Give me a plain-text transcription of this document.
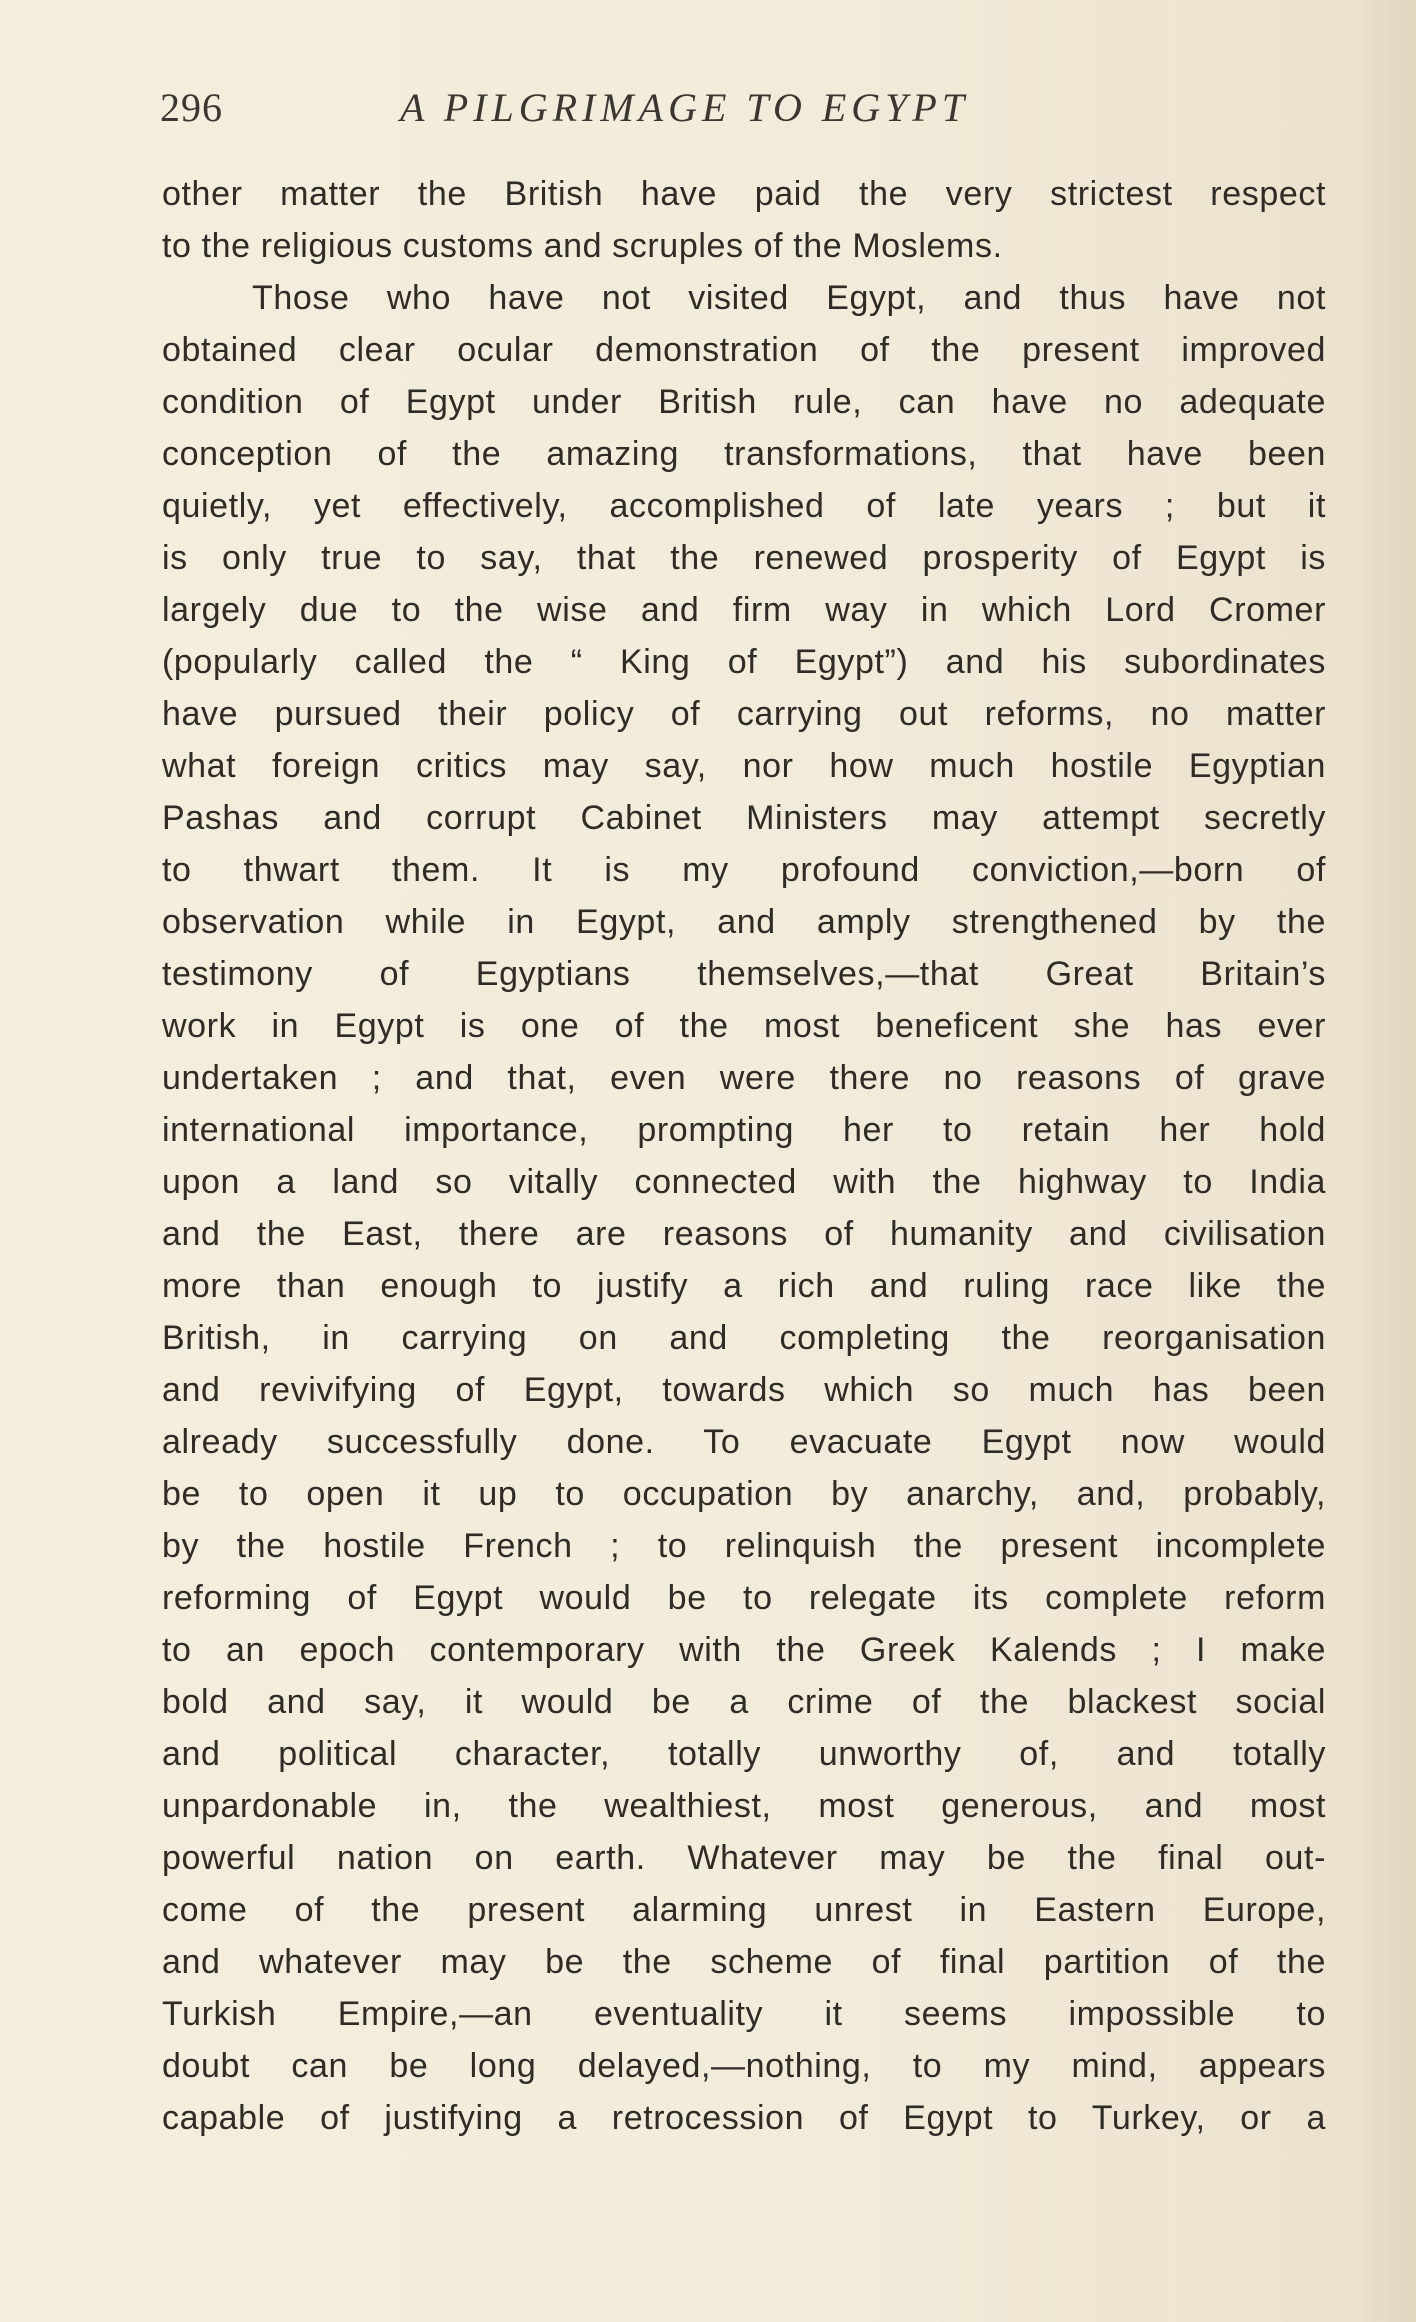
296	A PILGRIMAGE TO EGYPT
other matter the British have paid the very strictest respect
to the religious customs and scruples of the Moslems.
Those who have not visited Egypt, and thus have not
obtained clear ocular demonstration of the present improved
condition of Egypt under British rule, can have no adequate
conception of the amazing transformations, that have been
quietly, yet effectively, accomplished of late years ; but it
is only true to say, that the renewed prosperity of Egypt is
largely due to the wise and firm way in which Lord Cromer
(popularly called the “ King of Egypt”) and his subordinates
have pursued their policy of carrying out reforms, no matter
what foreign critics may say, nor how much hostile Egyptian
Pashas and corrupt Cabinet Ministers may attempt secretly
to thwart them. It is my profound conviction,—born of
observation while in Egypt, and amply strengthened by the
testimony of Egyptians themselves,—that Great Britain’s
work in Egypt is one of the most beneficent she has ever
undertaken ; and that, even were there no reasons of grave
international importance, prompting her to retain her hold
upon a land so vitally connected with the highway to India
and the East, there are reasons of humanity and civilisation
more than enough to justify a rich and ruling race like the
British, in carrying on and completing the reorganisation
and revivifying of Egypt, towards which so much has been
already successfully done. To evacuate Egypt now would
be to open it up to occupation by anarchy, and, probably,
by the hostile French ; to relinquish the present incomplete
reforming of Egypt would be to relegate its complete reform
to an epoch contemporary with the Greek Kalends ; I make
bold and say, it would be a crime of the blackest social
and political character, totally unworthy of, and totally
unpardonable in, the wealthiest, most generous, and most
powerful nation on earth. Whatever may be the final out-
come of the present alarming unrest in Eastern Europe,
and whatever may be the scheme of final partition of the
Turkish Empire,—an eventuality it seems impossible to
doubt can be long delayed,—nothing, to my mind, appears
capable of justifying a retrocession of Egypt to Turkey, or a
